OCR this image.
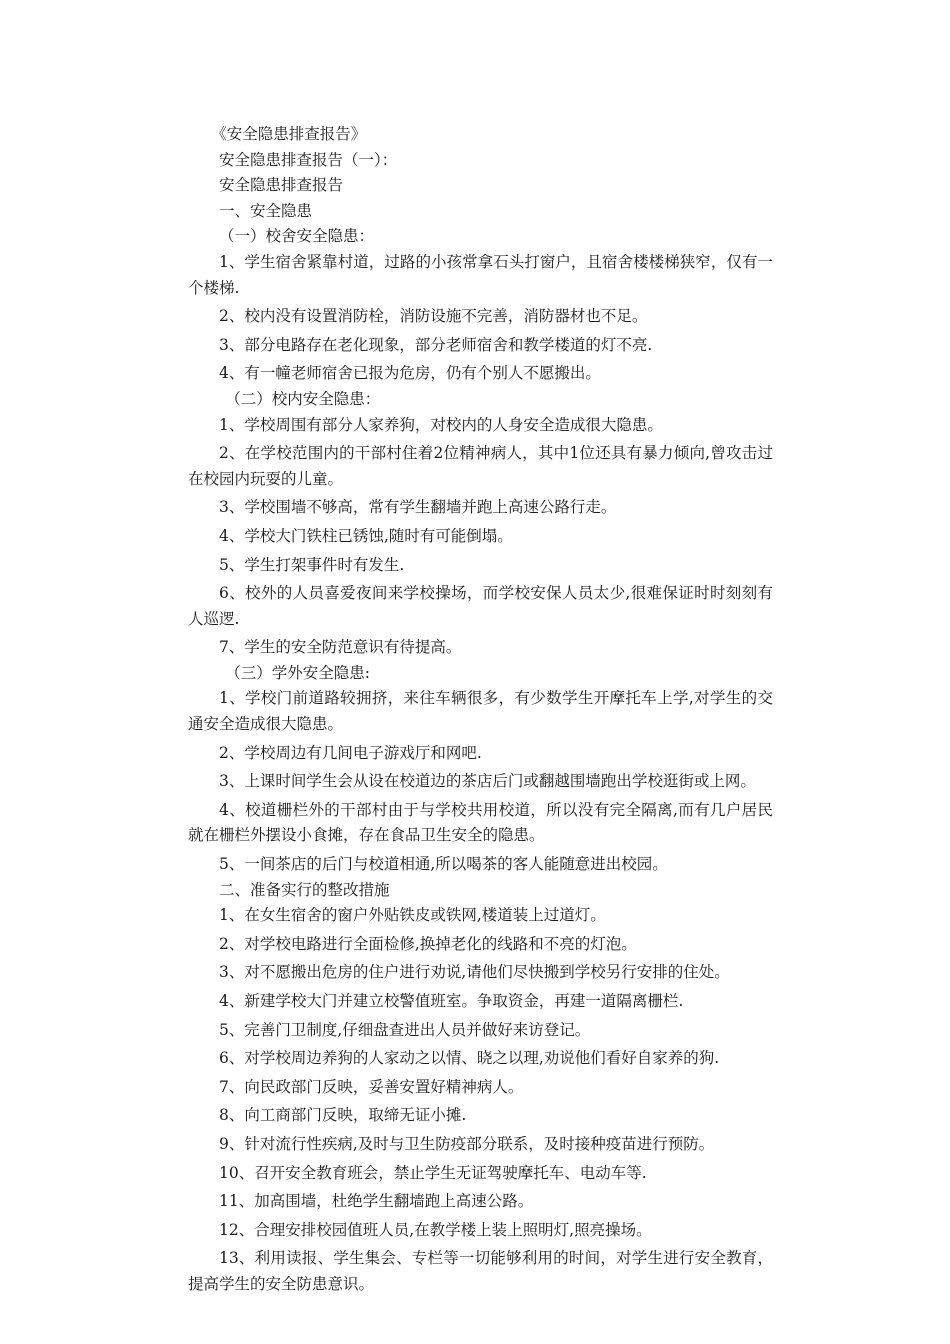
《安全隐患排查报告》

安全隐患排查报告（一）：

安全隐患排查报告

一、安全隐患

（一）校舍安全隐患：

1、学生宿舍紧靠村道，过路的小孩常拿石头打窗户，且宿舍楼楼梯狭窄，仅有一个楼梯.

2、校内没有设置消防栓，消防设施不完善，消防器材也不足。

3、部分电路存在老化现象，部分老师宿舍和教学楼道的灯不亮.

4、有一幢老师宿舍已报为危房，仍有个别人不愿搬出。

（二）校内安全隐患：

1、学校周围有部分人家养狗，对校内的人身安全造成很大隐患。

2、在学校范围内的干部村住着2位精神病人，其中1位还具有暴力倾向,曾攻击过在校园内玩耍的儿童。

3、学校围墙不够高，常有学生翻墙并跑上高速公路行走。

4、学校大门铁柱已锈蚀,随时有可能倒塌。

5、学生打架事件时有发生.

6、校外的人员喜爱夜间来学校操场，而学校安保人员太少,很难保证时时刻刻有人巡逻.

7、学生的安全防范意识有待提高。

（三）学外安全隐患:

1、学校门前道路较拥挤，来往车辆很多，有少数学生开摩托车上学,对学生的交通安全造成很大隐患。

2、学校周边有几间电子游戏厅和网吧.

3、上课时间学生会从设在校道边的茶店后门或翻越围墙跑出学校逛街或上网。

4、校道栅栏外的干部村由于与学校共用校道，所以没有完全隔离,而有几户居民就在栅栏外摆设小食摊，存在食品卫生安全的隐患。

5、一间茶店的后门与校道相通,所以喝茶的客人能随意进出校园。

二、准备实行的整改措施

1、在女生宿舍的窗户外贴铁皮或铁网,楼道装上过道灯。

2、对学校电路进行全面检修,换掉老化的线路和不亮的灯泡。

3、对不愿搬出危房的住户进行劝说,请他们尽快搬到学校另行安排的住处。

4、新建学校大门并建立校警值班室。争取资金，再建一道隔离栅栏.

5、完善门卫制度,仔细盘查进出人员并做好来访登记。

6、对学校周边养狗的人家动之以情、晓之以理,劝说他们看好自家养的狗.

7、向民政部门反映，妥善安置好精神病人。

8、向工商部门反映，取缔无证小摊.

9、针对流行性疾病,及时与卫生防疫部分联系，及时接种疫苗进行预防。

10、召开安全教育班会，禁止学生无证驾驶摩托车、电动车等.

11、加高围墙，杜绝学生翻墙跑上高速公路。

12、合理安排校园值班人员,在教学楼上装上照明灯,照亮操场。

13、利用读报、学生集会、专栏等一切能够利用的时间，对学生进行安全教育，提高学生的安全防患意识。
